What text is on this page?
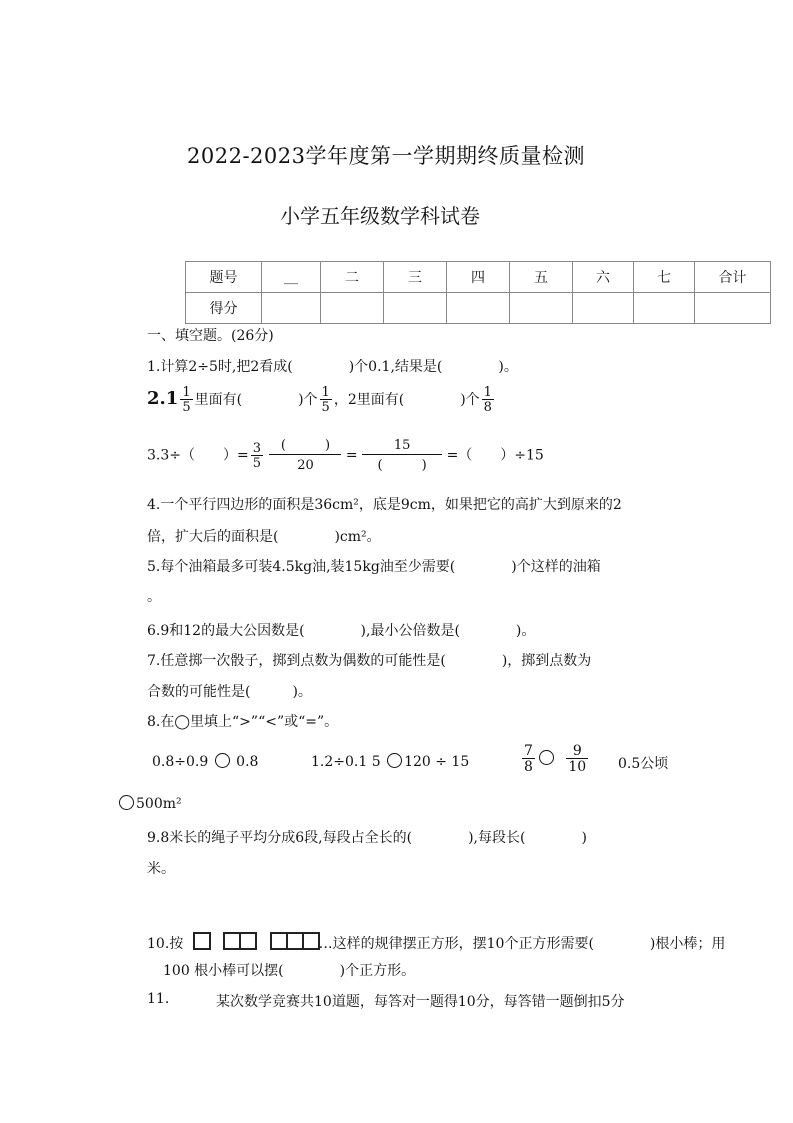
2022-2023学年度第一学期期终质量检测
小学五年级数学科试卷
题号	__	二	三	四	五	六	七	合计
得分								
一、填空题。(26分)
1.计算2÷5时,把2看成(　　　　)个0.1,结果是(　　　　)。
$2.1 \frac{1}{5}$ 里面有(　　　　)个 $\frac{1}{5}$ ，2里面有(　　　　)个 $\frac{1}{8}$
3.3÷（　　）= $\frac{3}{5}$
(　　　)
20
=
15
(　　　)
=（　　）÷15
4.一个平行四边形的面积是36cm²，底是9cm，如果把它的高扩大到原来的2
倍，扩大后的面积是(　　　　)cm²。
5.每个油箱最多可装4.5kg油,装15kg油至少需要(　　　　)个这样的油箱
。
6.9和12的最大公因数是(　　　　),最小公倍数是(　　　　)。
7.任意掷一次骰子，掷到点数为偶数的可能性是(　　　　)，掷到点数为
合数的可能性是(　　　)。
8.在◯里填上“>”“<”或“=”。
0.8÷0.9 0.8	1.2÷0.1 5 120 ÷ 15	$\frac{7}{8}$
$\frac{9}{10} 0.5$公顷
500m²
9.8米长的绳子平均分成6段,每段占全长的(　　　　),每段长(　　　　)
米。
10.按	…这样的规律摆正方形，摆10个正方形需要(　　　　)根小棒；用
100 根小棒可以摆(　　　　)个正方形。
11.	某次数学竞赛共10道题，每答对一题得10分，每答错一题倒扣5分
